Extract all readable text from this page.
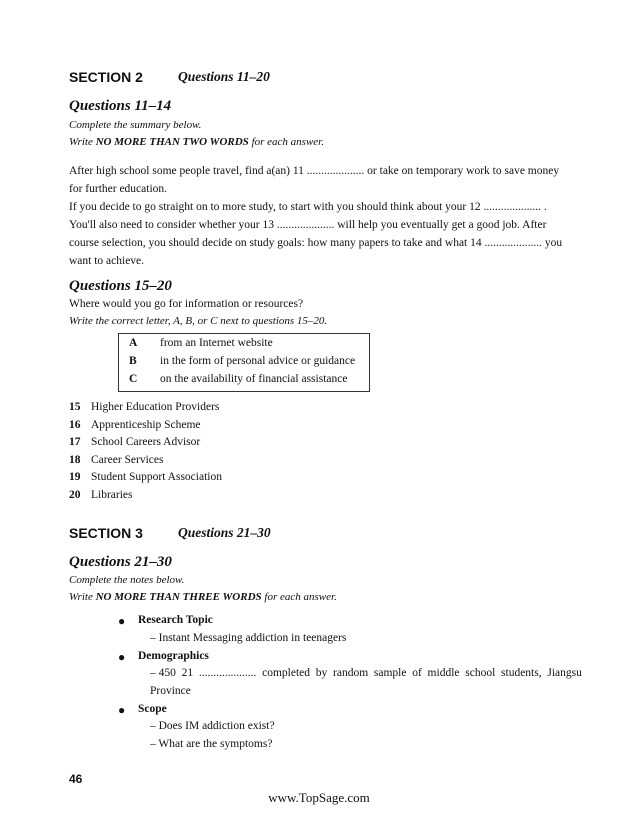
SECTION 2	Questions 11–20
Questions 11–14
Complete the summary below.
Write NO MORE THAN TWO WORDS for each answer.
After high school some people travel, find a(an) 11 .................... or take on temporary work to save money
for further education.
If you decide to go straight on to more study, to start with you should think about your 12 .................... .
You'll also need to consider whether your 13 .................... will help you eventually get a good job. After
course selection, you should decide on study goals: how many papers to take and what 14 .................... you
want to achieve.
Questions 15–20
Where would you go for information or resources?
Write the correct letter, A, B, or C next to questions 15–20.
A from an Internet website
B in the form of personal advice or guidance
C on the availability of financial assistance
15 Higher Education Providers
16 Apprenticeship Scheme
17 School Careers Advisor
18 Career Services
19 Student Support Association
20 Libraries
SECTION 3	Questions 21–30
Questions 21–30
Complete the notes below.
Write NO MORE THAN THREE WORDS for each answer.
● Research Topic
– Instant Messaging addiction in teenagers
● Demographics
– 450  21  ....................  completed  by  random  sample  of  middle  school  students,  Jiangsu
Province
● Scope
– Does IM addiction exist?
– What are the symptoms?
46
www.TopSage.com
